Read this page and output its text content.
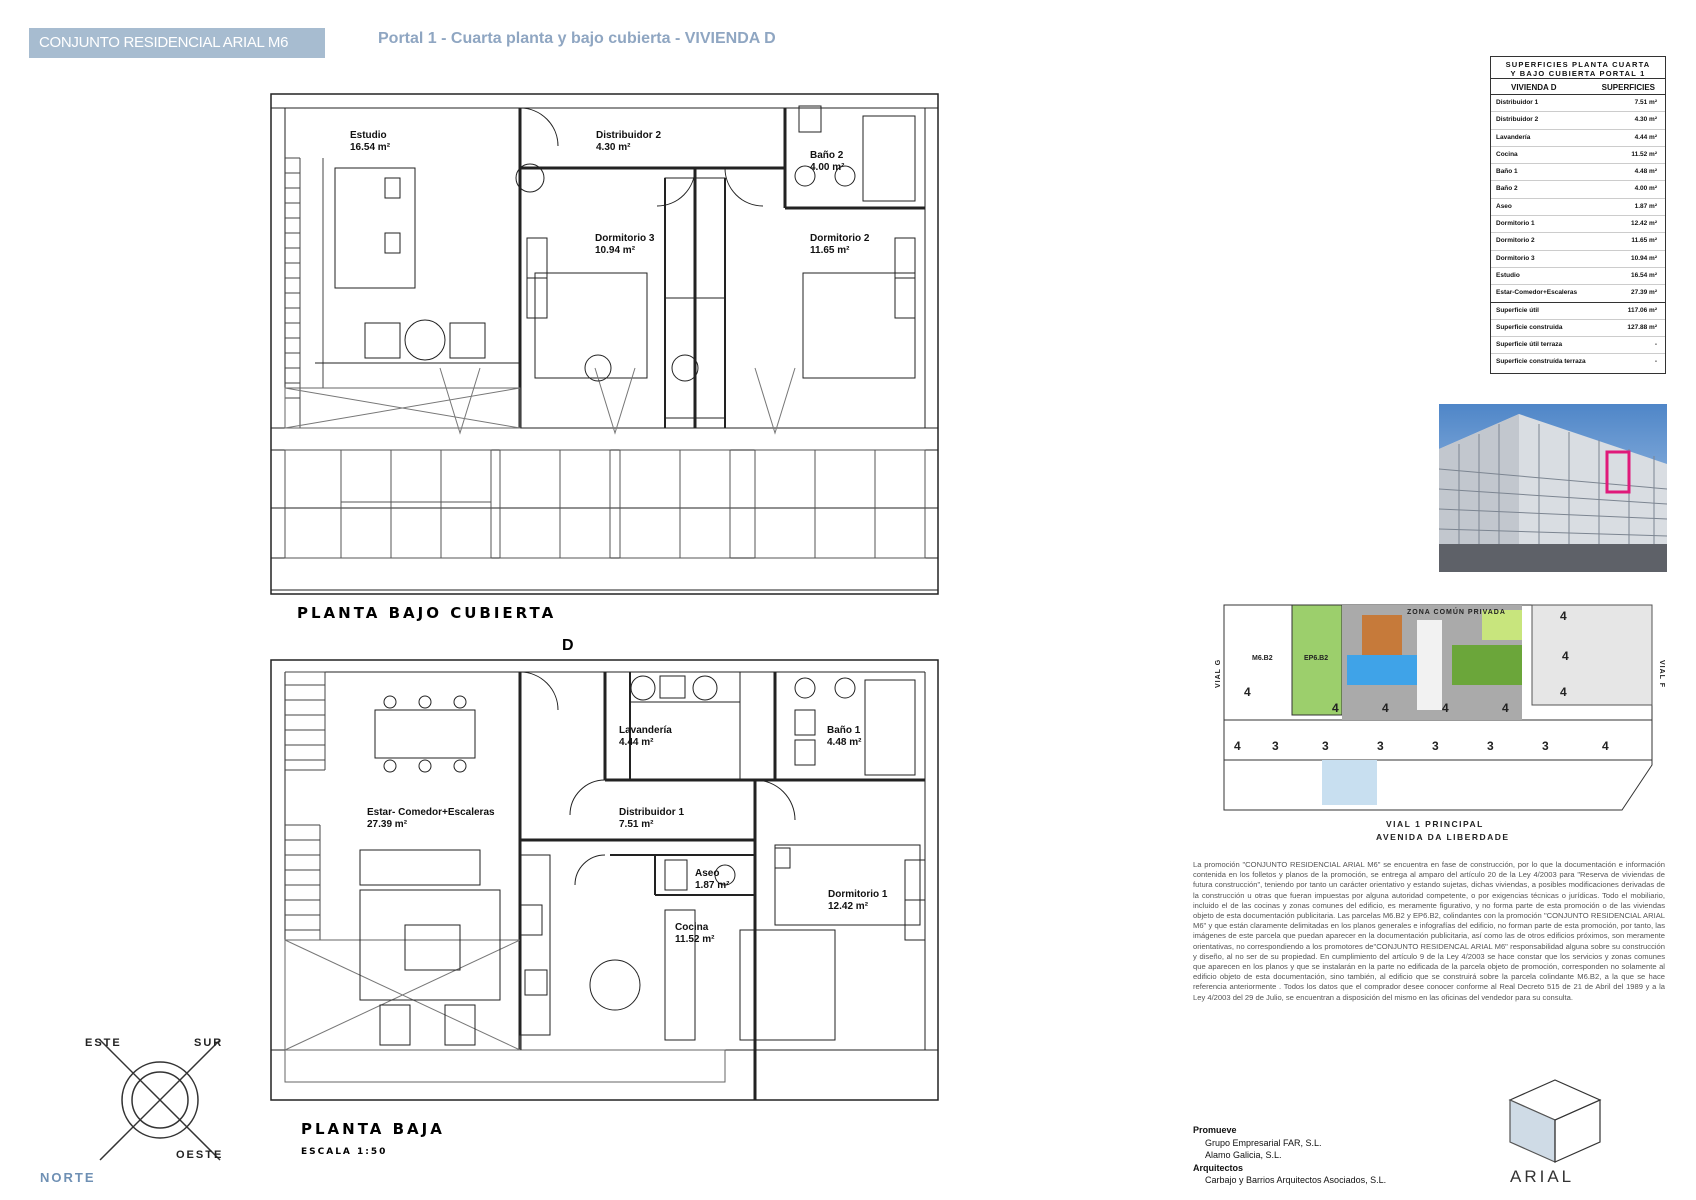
CONJUNTO RESIDENCIAL ARIAL M6	Portal 1 - Cuarta planta y bajo cubierta - VIVIENDA D
Estudio
16.54 m²
Distribuidor 2
4.30 m²
Baño 2
4.00 m²
Dormitorio 3
10.94 m²
Dormitorio 2
11.65 m²
PLANTA BAJO CUBIERTA
D
Lavandería
4.44 m²
Baño 1
4.48 m²
Estar- Comedor+Escaleras
27.39 m²
Distribuidor 1
7.51 m²
Aseo
1.87 m²
Dormitorio 1
12.42 m²
Cocina
11.52 m²
PLANTA BAJA
ESCALA 1:50
ESTE	SUR
OESTE
NORTE
SUPERFICIES PLANTA CUARTA
Y BAJO CUBIERTA PORTAL 1
VIVIENDA D	SUPERFICIES
Distribuidor 1	7.51 m²
Distribuidor 2	4.30 m²
Lavandería	4.44 m²
Cocina	11.52 m²
Baño 1	4.48 m²
Baño 2	4.00 m²
Aseo	1.87 m²
Dormitorio 1	12.42 m²
Dormitorio 2	11.65 m²
Dormitorio 3	10.94 m²
Estudio	16.54 m²
Estar-Comedor+Escaleras	27.39 m²
Superficie útil	117.06 m²
Superficie construida	127.88 m²
Superficie útil terraza	-
Superficie construída terraza	-
M6.B2	EP6.B2
ZONA COMÚN PRIVADA
4	3	3	3	3	3	3	4
4
4	4	4	4
4
4
4
VIAL G	VIAL F
VIAL 1 PRINCIPAL
AVENIDA DA LIBERDADE
La promoción "CONJUNTO RESIDENCIAL ARIAL M6" se encuentra en fase de construcción, por lo que la documentación e información contenida en los folletos y planos de la promoción, se entrega al amparo del artículo 20 de la Ley 4/2003 para "Reserva de viviendas de futura construcción", teniendo por tanto un carácter orientativo y estando sujetas, dichas viviendas, a posibles modificaciones derivadas de la construcción u otras que fueran impuestas por alguna autoridad competente, o por exigencias técnicas o jurídicas. Todo el mobiliario, incluido el de las cocinas y zonas comunes del edificio, es meramente figurativo, y no forma parte de esta promoción o de las viviendas objeto de esta documentación publicitaria. Las parcelas M6.B2 y EP6.B2, colindantes con la promoción "CONJUNTO RESIDENCIAL ARIAL M6" y que están claramente delimitadas en los planos generales e infografías del edificio, no forman parte de esta promoción, por tanto, las imágenes de este parcela que puedan aparecer en la documentación publicitaria, así como las de otros edificios próximos, son meramente orientativas, no correspondiendo a los promotores de"CONJUNTO RESIDENCAL ARIAL M6" responsabilidad alguna sobre su construcción y diseño, al no ser de su propiedad. En cumplimiento del artículo 9 de la Ley 4/2003 se hace constar que los servicios y zonas comunes que aparecen en los planos y que se instalarán en la parte no edificada de la parcela objeto de promoción, corresponden no solamente al edificio objeto de esta documentación, sino también, al edificio que se construirá sobre la parcela colindante M6.B2, a la que se hace referencia anteriormente . Todos los datos que el comprador desee conocer conforme al Real Decreto 515 de 21 de Abril del 1989 y a la Ley 4/2003 del 29 de Julio, se encuentran a disposición del mismo en las oficinas del vendedor para su consulta.
Promueve
Grupo Empresarial FAR, S.L.
Alamo Galicia, S.L.
Arquitectos
Carbajo y Barrios Arquitectos Asociados, S.L.	ARIAL
